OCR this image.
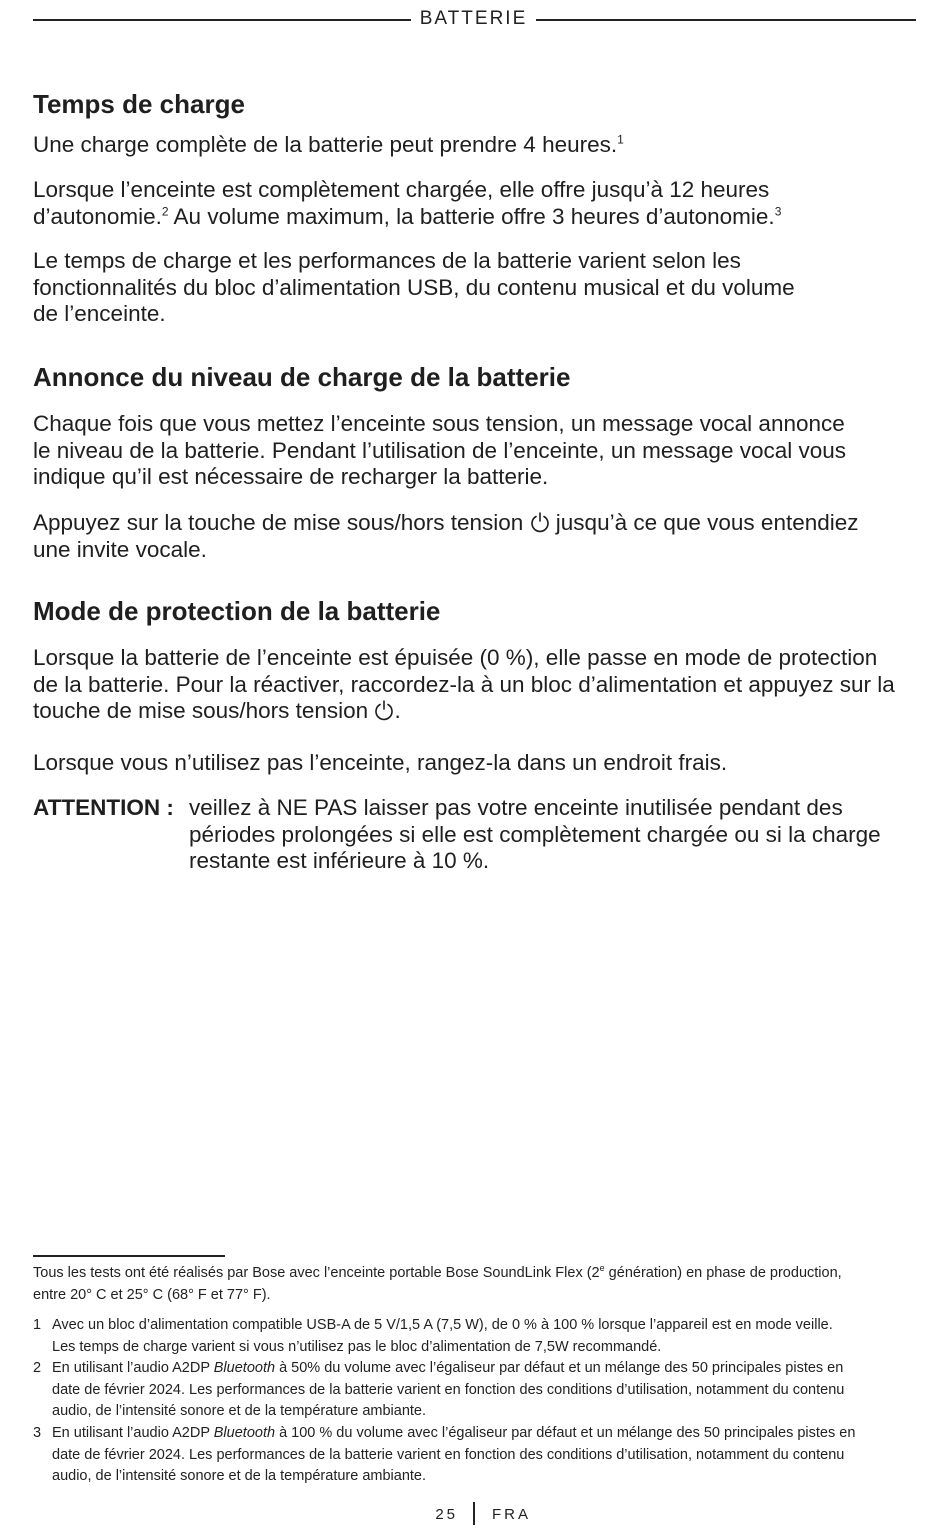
BATTERIE
Temps de charge

Une charge complète de la batterie peut prendre 4 heures.$^1$

Lorsque l’enceinte est complètement chargée, elle offre jusqu’à 12 heures
d’autonomie.$^2$ Au volume maximum, la batterie offre 3 heures d’autonomie.$^3$

Le temps de charge et les performances de la batterie varient selon les
fonctionnalités du bloc d’alimentation USB, du contenu musical et du volume
de l’enceinte.

Annonce du niveau de charge de la batterie

Chaque fois que vous mettez l’enceinte sous tension, un message vocal annonce
le niveau de la batterie. Pendant l’utilisation de l’enceinte, un message vocal vous
indique qu’il est nécessaire de recharger la batterie.

Appuyez sur la touche de mise sous/hors tension  jusqu’à ce que vous entendiez
une invite vocale.

Mode de protection de la batterie

Lorsque la batterie de l’enceinte est épuisée (0 %), elle passe en mode de protection
de la batterie. Pour la réactiver, raccordez-la à un bloc d’alimentation et appuyez sur la
touche de mise sous/hors tension .

Lorsque vous n’utilisez pas l’enceinte, rangez-la dans un endroit frais.

ATTENTION : veillez à NE PAS laisser pas votre enceinte inutilisée pendant des
périodes prolongées si elle est complètement chargée ou si la charge
restante est inférieure à 10 %.
Tous les tests ont été réalisés par Bose avec l’enceinte portable Bose SoundLink Flex (2e génération) en phase de production,
entre 20° C et 25° C (68° F et 77° F).
1 Avec un bloc d’alimentation compatible USB-A de 5 V/1,5 A (7,5 W), de 0 % à 100 % lorsque l’appareil est en mode veille.
Les temps de charge varient si vous n’utilisez pas le bloc d’alimentation de 7,5W recommandé.
2 En utilisant l’audio A2DP Bluetooth à 50% du volume avec l’égaliseur par défaut et un mélange des 50 principales pistes en
date de février 2024. Les performances de la batterie varient en fonction des conditions d’utilisation, notamment du contenu
audio, de l’intensité sonore et de la température ambiante.
3 En utilisant l’audio A2DP Bluetooth à 100 % du volume avec l’égaliseur par défaut et un mélange des 50 principales pistes en
date de février 2024. Les performances de la batterie varient en fonction des conditions d’utilisation, notamment du contenu
audio, de l’intensité sonore et de la température ambiante.
25 FRA
